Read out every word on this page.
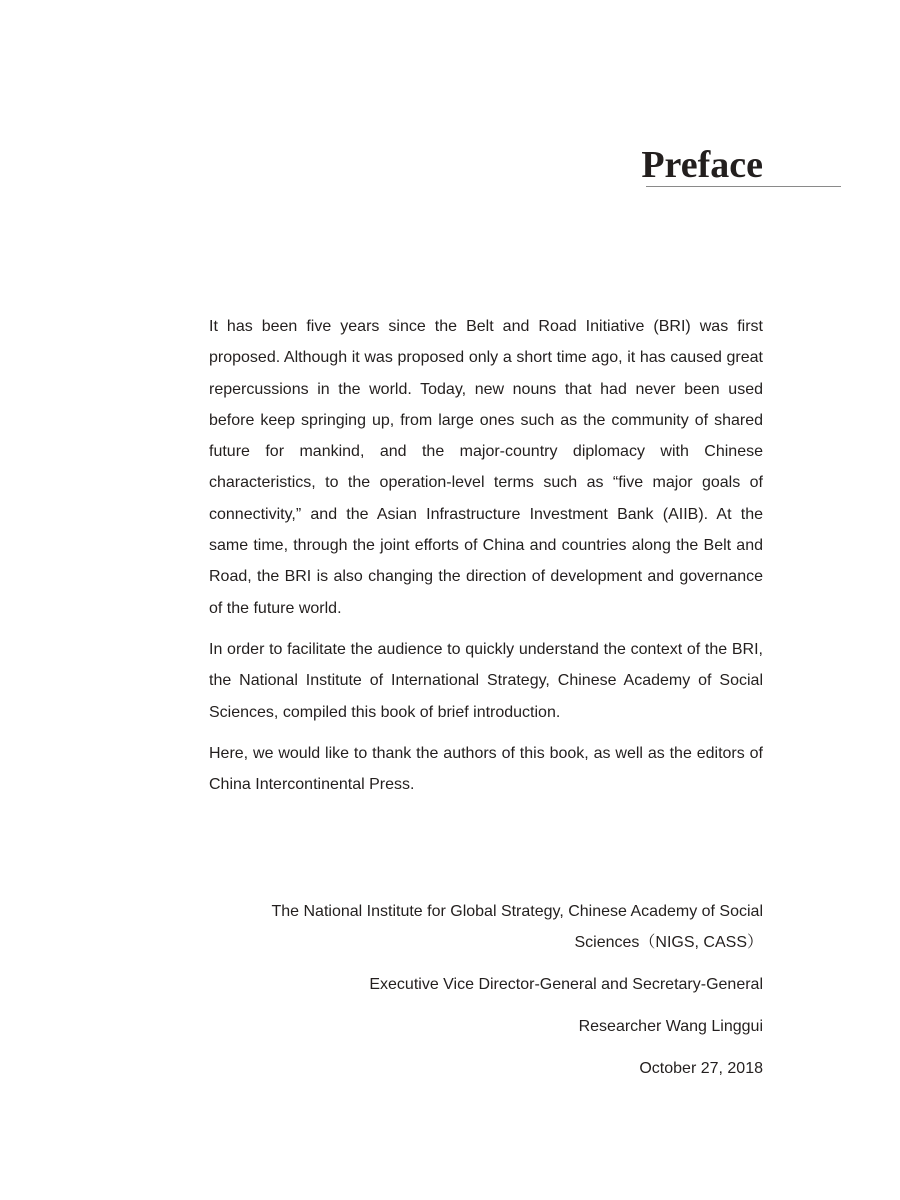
Preface

It has been five years since the Belt and Road Initiative (BRI) was first proposed. Although it was proposed only a short time ago, it has caused great repercussions in the world. Today, new nouns that had never been used before keep springing up, from large ones such as the community of shared future for mankind, and the major-country diplomacy with Chinese characteristics, to the operation-level terms such as “five major goals of connectivity,” and the Asian Infrastructure Investment Bank (AIIB). At the same time, through the joint efforts of China and countries along the Belt and Road, the BRI is also changing the direction of development and governance of the future world.

In order to facilitate the audience to quickly understand the context of the BRI, the National Institute of International Strategy, Chinese Academy of Social Sciences, compiled this book of brief introduction.

Here, we would like to thank the authors of this book, as well as the editors of China Intercontinental Press.

The National Institute for Global Strategy, Chinese Academy of Social Sciences（NIGS, CASS）
Executive Vice Director-General and Secretary-General
Researcher Wang Linggui
October 27, 2018
